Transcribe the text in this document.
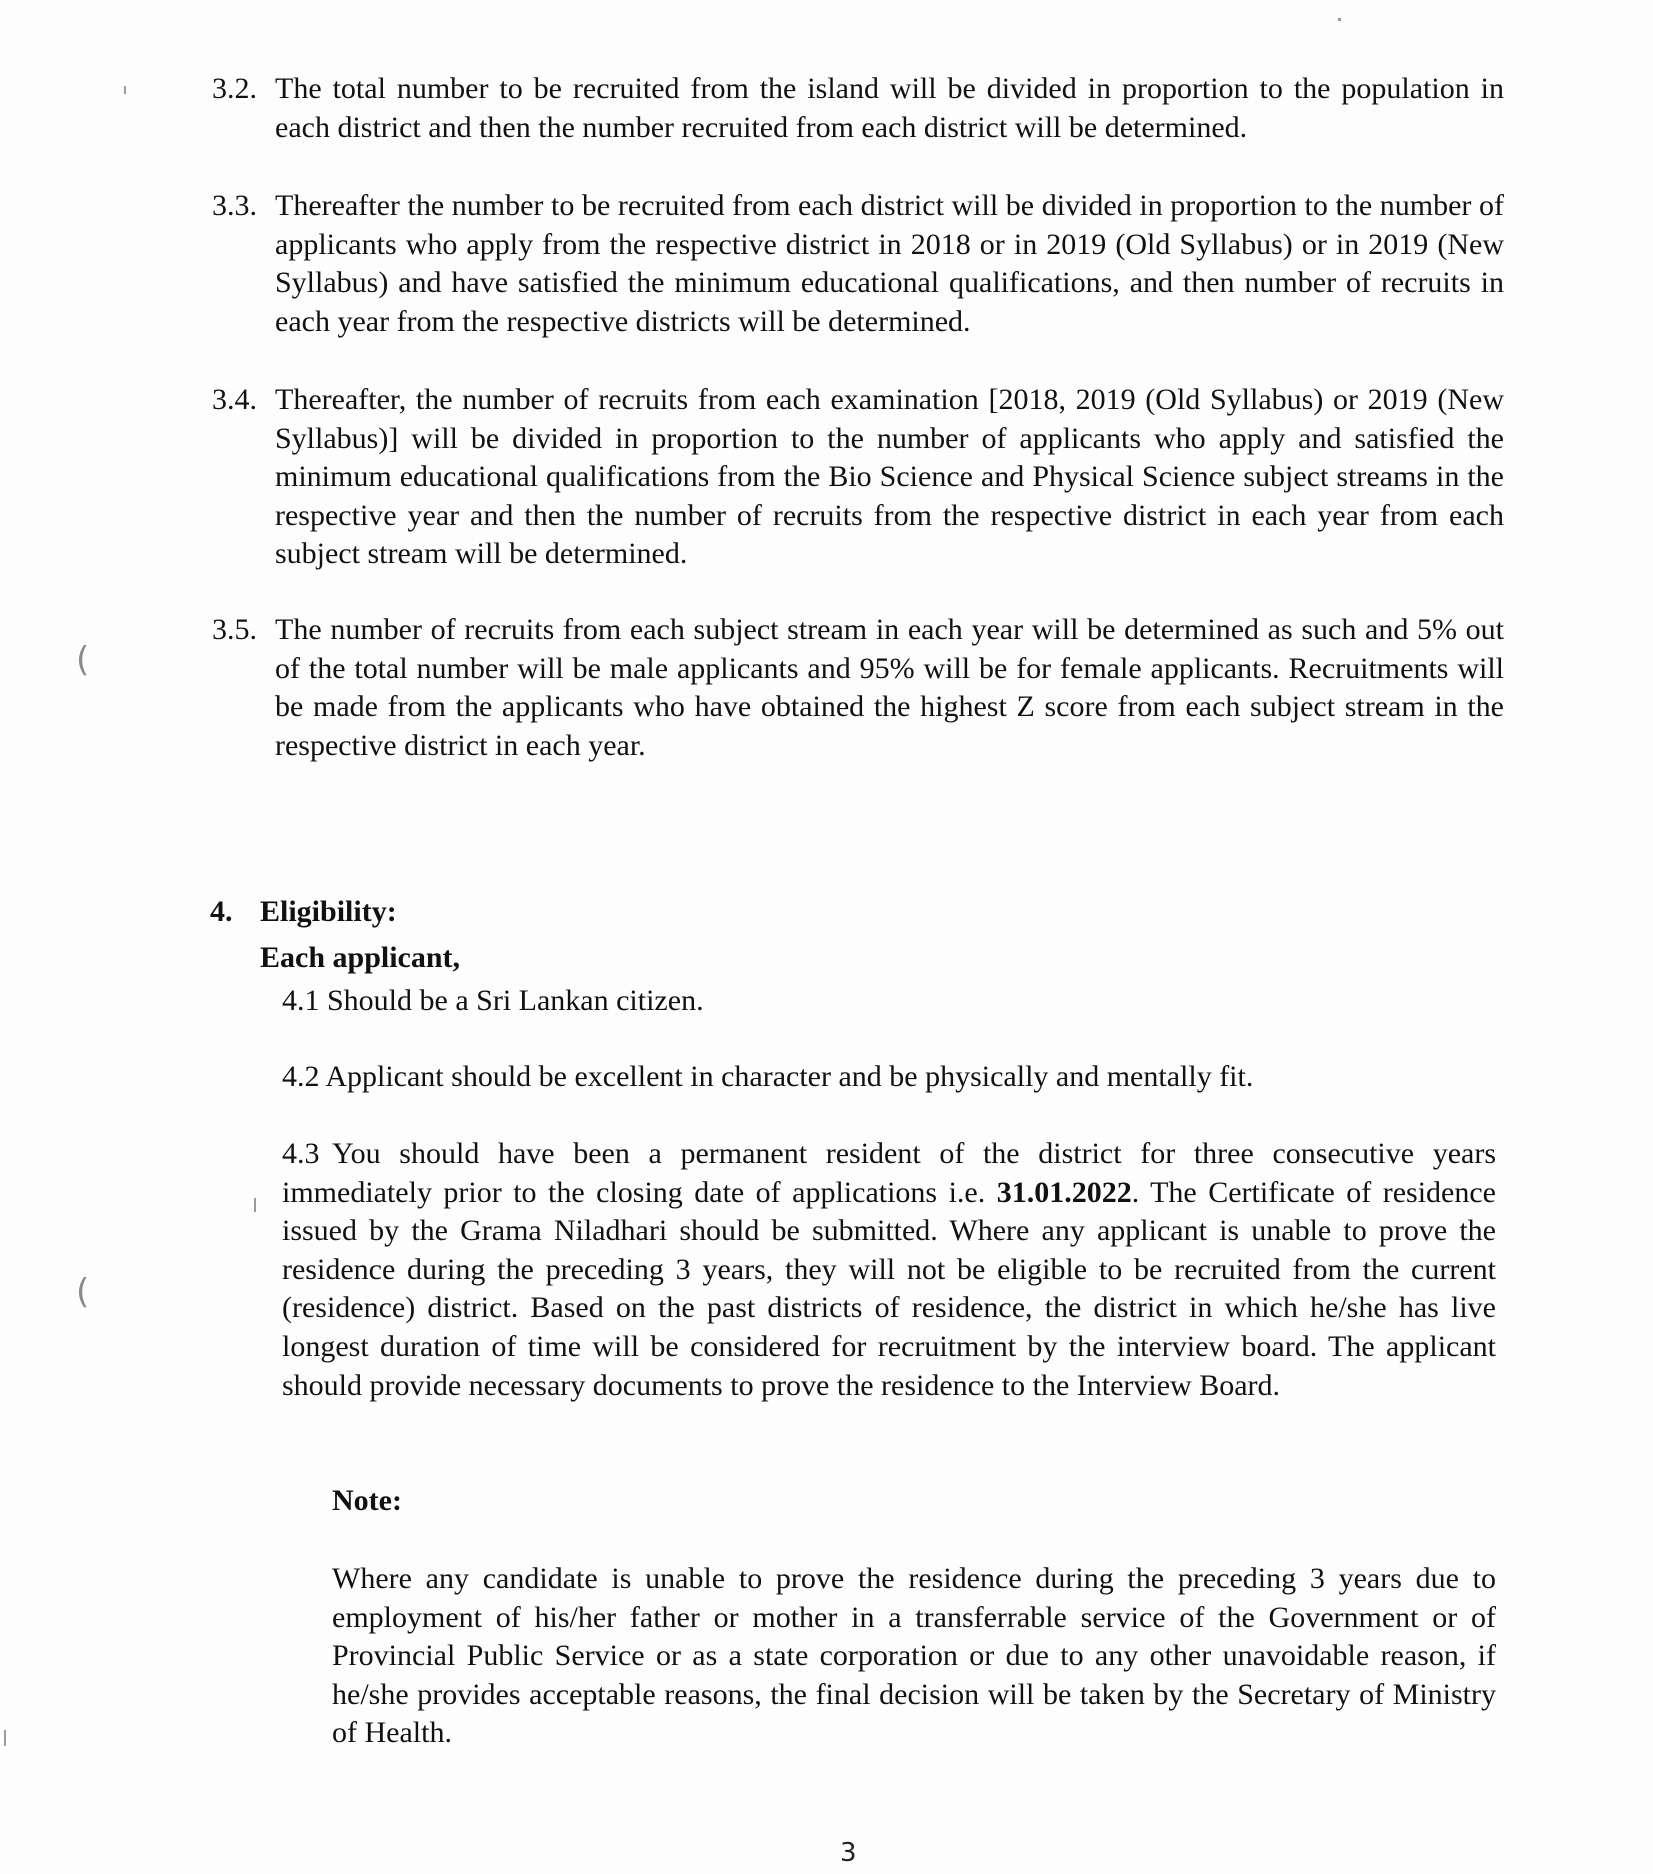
3.2. The total number to be recruited from the island will be divided in proportion to the population in each district and then the number recruited from each district will be determined.
3.3. Thereafter the number to be recruited from each district will be divided in proportion to the number of applicants who apply from the respective district in 2018 or in 2019 (Old Syllabus) or in 2019 (New Syllabus) and have satisfied the minimum educational qualifications, and then number of recruits in each year from the respective districts will be determined.
3.4. Thereafter, the number of recruits from each examination [2018, 2019 (Old Syllabus) or 2019 (New Syllabus)] will be divided in proportion to the number of applicants who apply and satisfied the minimum educational qualifications from the Bio Science and Physical Science subject streams in the respective year and then the number of recruits from the respective district in each year from each subject stream will be determined.
3.5. The number of recruits from each subject stream in each year will be determined as such and 5% out of the total number will be male applicants and 95% will be for female applicants. Recruitments will be made from the applicants who have obtained the highest Z score from each subject stream in the respective district in each year.
4. Eligibility:
Each applicant,
4.1 Should be a Sri Lankan citizen.
4.2 Applicant should be excellent in character and be physically and mentally fit.
4.3 You should have been a permanent resident of the district for three consecutive years immediately prior to the closing date of applications i.e. 31.01.2022. The Certificate of residence issued by the Grama Niladhari should be submitted. Where any applicant is unable to prove the residence during the preceding 3 years, they will not be eligible to be recruited from the current (residence) district. Based on the past districts of residence, the district in which he/she has live longest duration of time will be considered for recruitment by the interview board. The applicant should provide necessary documents to prove the residence to the Interview Board.
Note:
Where any candidate is unable to prove the residence during the preceding 3 years due to employment of his/her father or mother in a transferrable service of the Government or of Provincial Public Service or as a state corporation or due to any other unavoidable reason, if he/she provides acceptable reasons, the final decision will be taken by the Secretary of Ministry of Health.
3
(
(
